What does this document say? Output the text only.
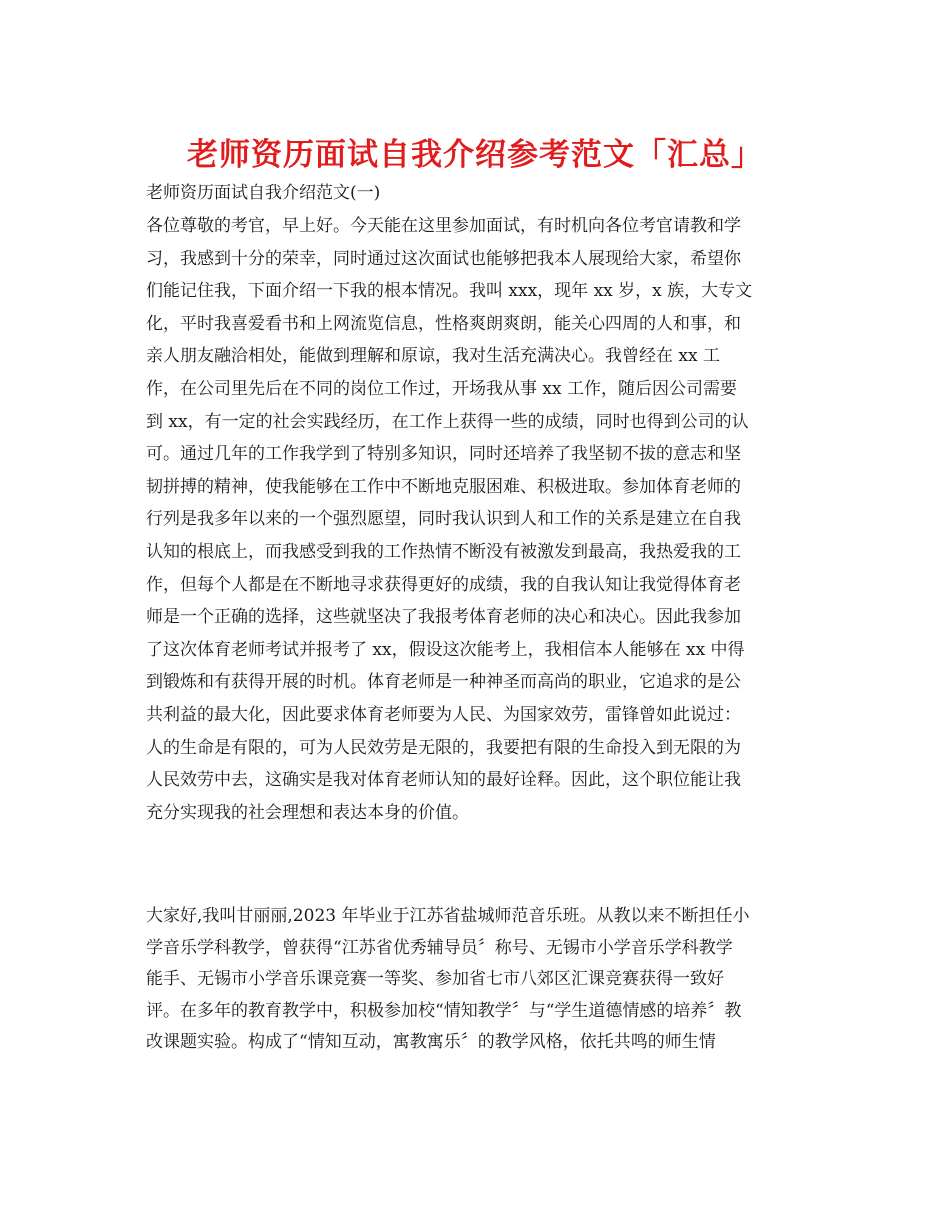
老师资历面试自我介绍参考范文「汇总」
老师资历面试自我介绍范文(一)
各位尊敬的考官，早上好。今天能在这里参加面试，有时机向各位考官请教和学
习，我感到十分的荣幸，同时通过这次面试也能够把我本人展现给大家，希望你
们能记住我，下面介绍一下我的根本情况。我叫 xxx，现年 xx 岁，x 族，大专文
化，平时我喜爱看书和上网流览信息，性格爽朗爽朗，能关心四周的人和事，和
亲人朋友融洽相处，能做到理解和原谅，我对生活充满决心。我曾经在 xx 工
作，在公司里先后在不同的岗位工作过，开场我从事 xx 工作，随后因公司需要
到 xx，有一定的社会实践经历，在工作上获得一些的成绩，同时也得到公司的认
可。通过几年的工作我学到了特别多知识，同时还培养了我坚韧不拔的意志和坚
韧拼搏的精神，使我能够在工作中不断地克服困难、积极进取。参加体育老师的
行列是我多年以来的一个强烈愿望，同时我认识到人和工作的关系是建立在自我
认知的根底上，而我感受到我的工作热情不断没有被激发到最高，我热爱我的工
作，但每个人都是在不断地寻求获得更好的成绩，我的自我认知让我觉得体育老
师是一个正确的选择，这些就坚决了我报考体育老师的决心和决心。因此我参加
了这次体育老师考试并报考了 xx，假设这次能考上，我相信本人能够在 xx 中得
到锻炼和有获得开展的时机。体育老师是一种神圣而高尚的职业，它追求的是公
共利益的最大化，因此要求体育老师要为人民、为国家效劳，雷锋曾如此说过：
人的生命是有限的，可为人民效劳是无限的，我要把有限的生命投入到无限的为
人民效劳中去，这确实是我对体育老师认知的最好诠释。因此，这个职位能让我
充分实现我的社会理想和表达本身的价值。
大家好,我叫甘丽丽,2023 年毕业于江苏省盐城师范音乐班。从教以来不断担任小
学音乐学科教学，曾获得“江苏省优秀辅导员〞称号、无锡市小学音乐学科教学
能手、无锡市小学音乐课竞赛一等奖、参加省七市八郊区汇课竞赛获得一致好
评。在多年的教育教学中，积极参加校“情知教学〞与“学生道德情感的培养〞教
改课题实验。构成了“情知互动，寓教寓乐〞的教学风格，依托共鸣的师生情
